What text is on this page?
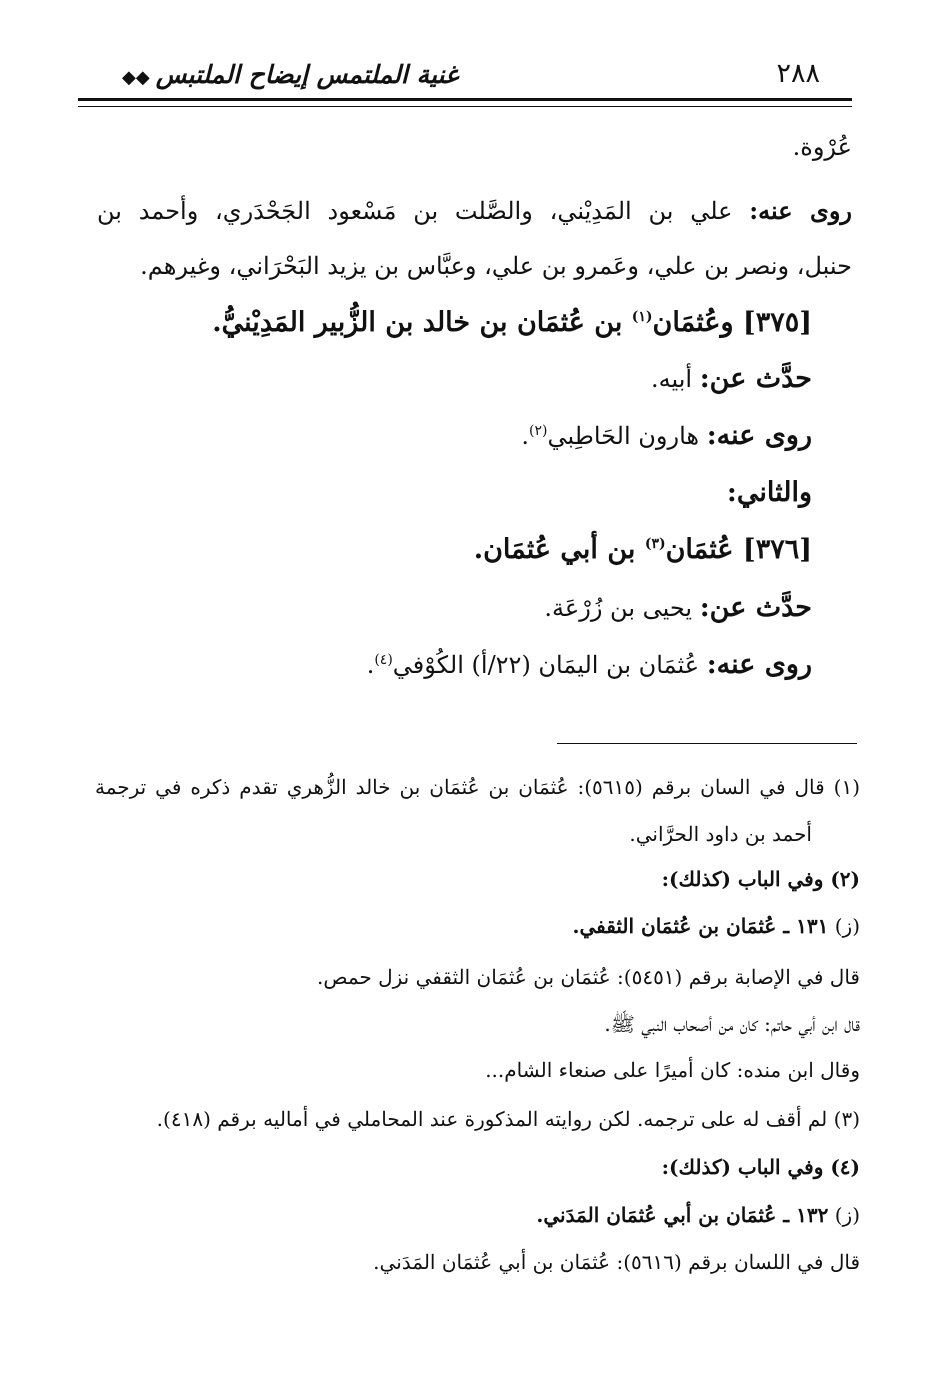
٢٨٨
غنية الملتمس إيضاح الملتبس◆◆
عُرْوة.
روى عنه: علي بن المَدِيْني، والصَّلت بن مَسْعود الجَحْدَري، وأحمد بن
حنبل، ونصر بن علي، وعَمرو بن علي، وعبَّاس بن يزيد البَحْرَاني، وغيرهم.
[٣٧٥] وعُثمَان$^{(١)}$ بن عُثمَان بن خالد بن الزُّبير المَدِيْنيُّ.
حدَّث عن: أبيه.
روى عنه: هارون الحَاطِبي$^{(٢)}$.
والثاني:
[٣٧٦] عُثمَان$^{(٣)}$ بن أبي عُثمَان.
حدَّث عن: يحيى بن زُرْعَة.
روى عنه: عُثمَان بن اليمَان (٢٢/أ) الكُوْفي$^{(٤)}$.
(١) قال في السان برقم (٥٦١٥): عُثمَان بن عُثمَان بن خالد الزُّهري تقدم ذكره في ترجمة
أحمد بن داود الحرَّاني.
(٢) وفي الباب (كذلك):
(ز) ١٣١ ـ عُثمَان بن عُثمَان الثقفي.
قال في الإصابة برقم (٥٤٥١): عُثمَان بن عُثمَان الثقفي نزل حمص.
قال ابن أبي حاتم: كان من أصحاب النبي ﷺ.
وقال ابن منده: كان أميرًا على صنعاء الشام...
(٣) لم أقف له على ترجمه. لكن روايته المذكورة عند المحاملي في أماليه برقم (٤١٨).
(٤) وفي الباب (كذلك):
(ز) ١٣٢ ـ عُثمَان بن أبي عُثمَان المَدَني.
قال في اللسان برقم (٥٦١٦): عُثمَان بن أبي عُثمَان المَدَني.
